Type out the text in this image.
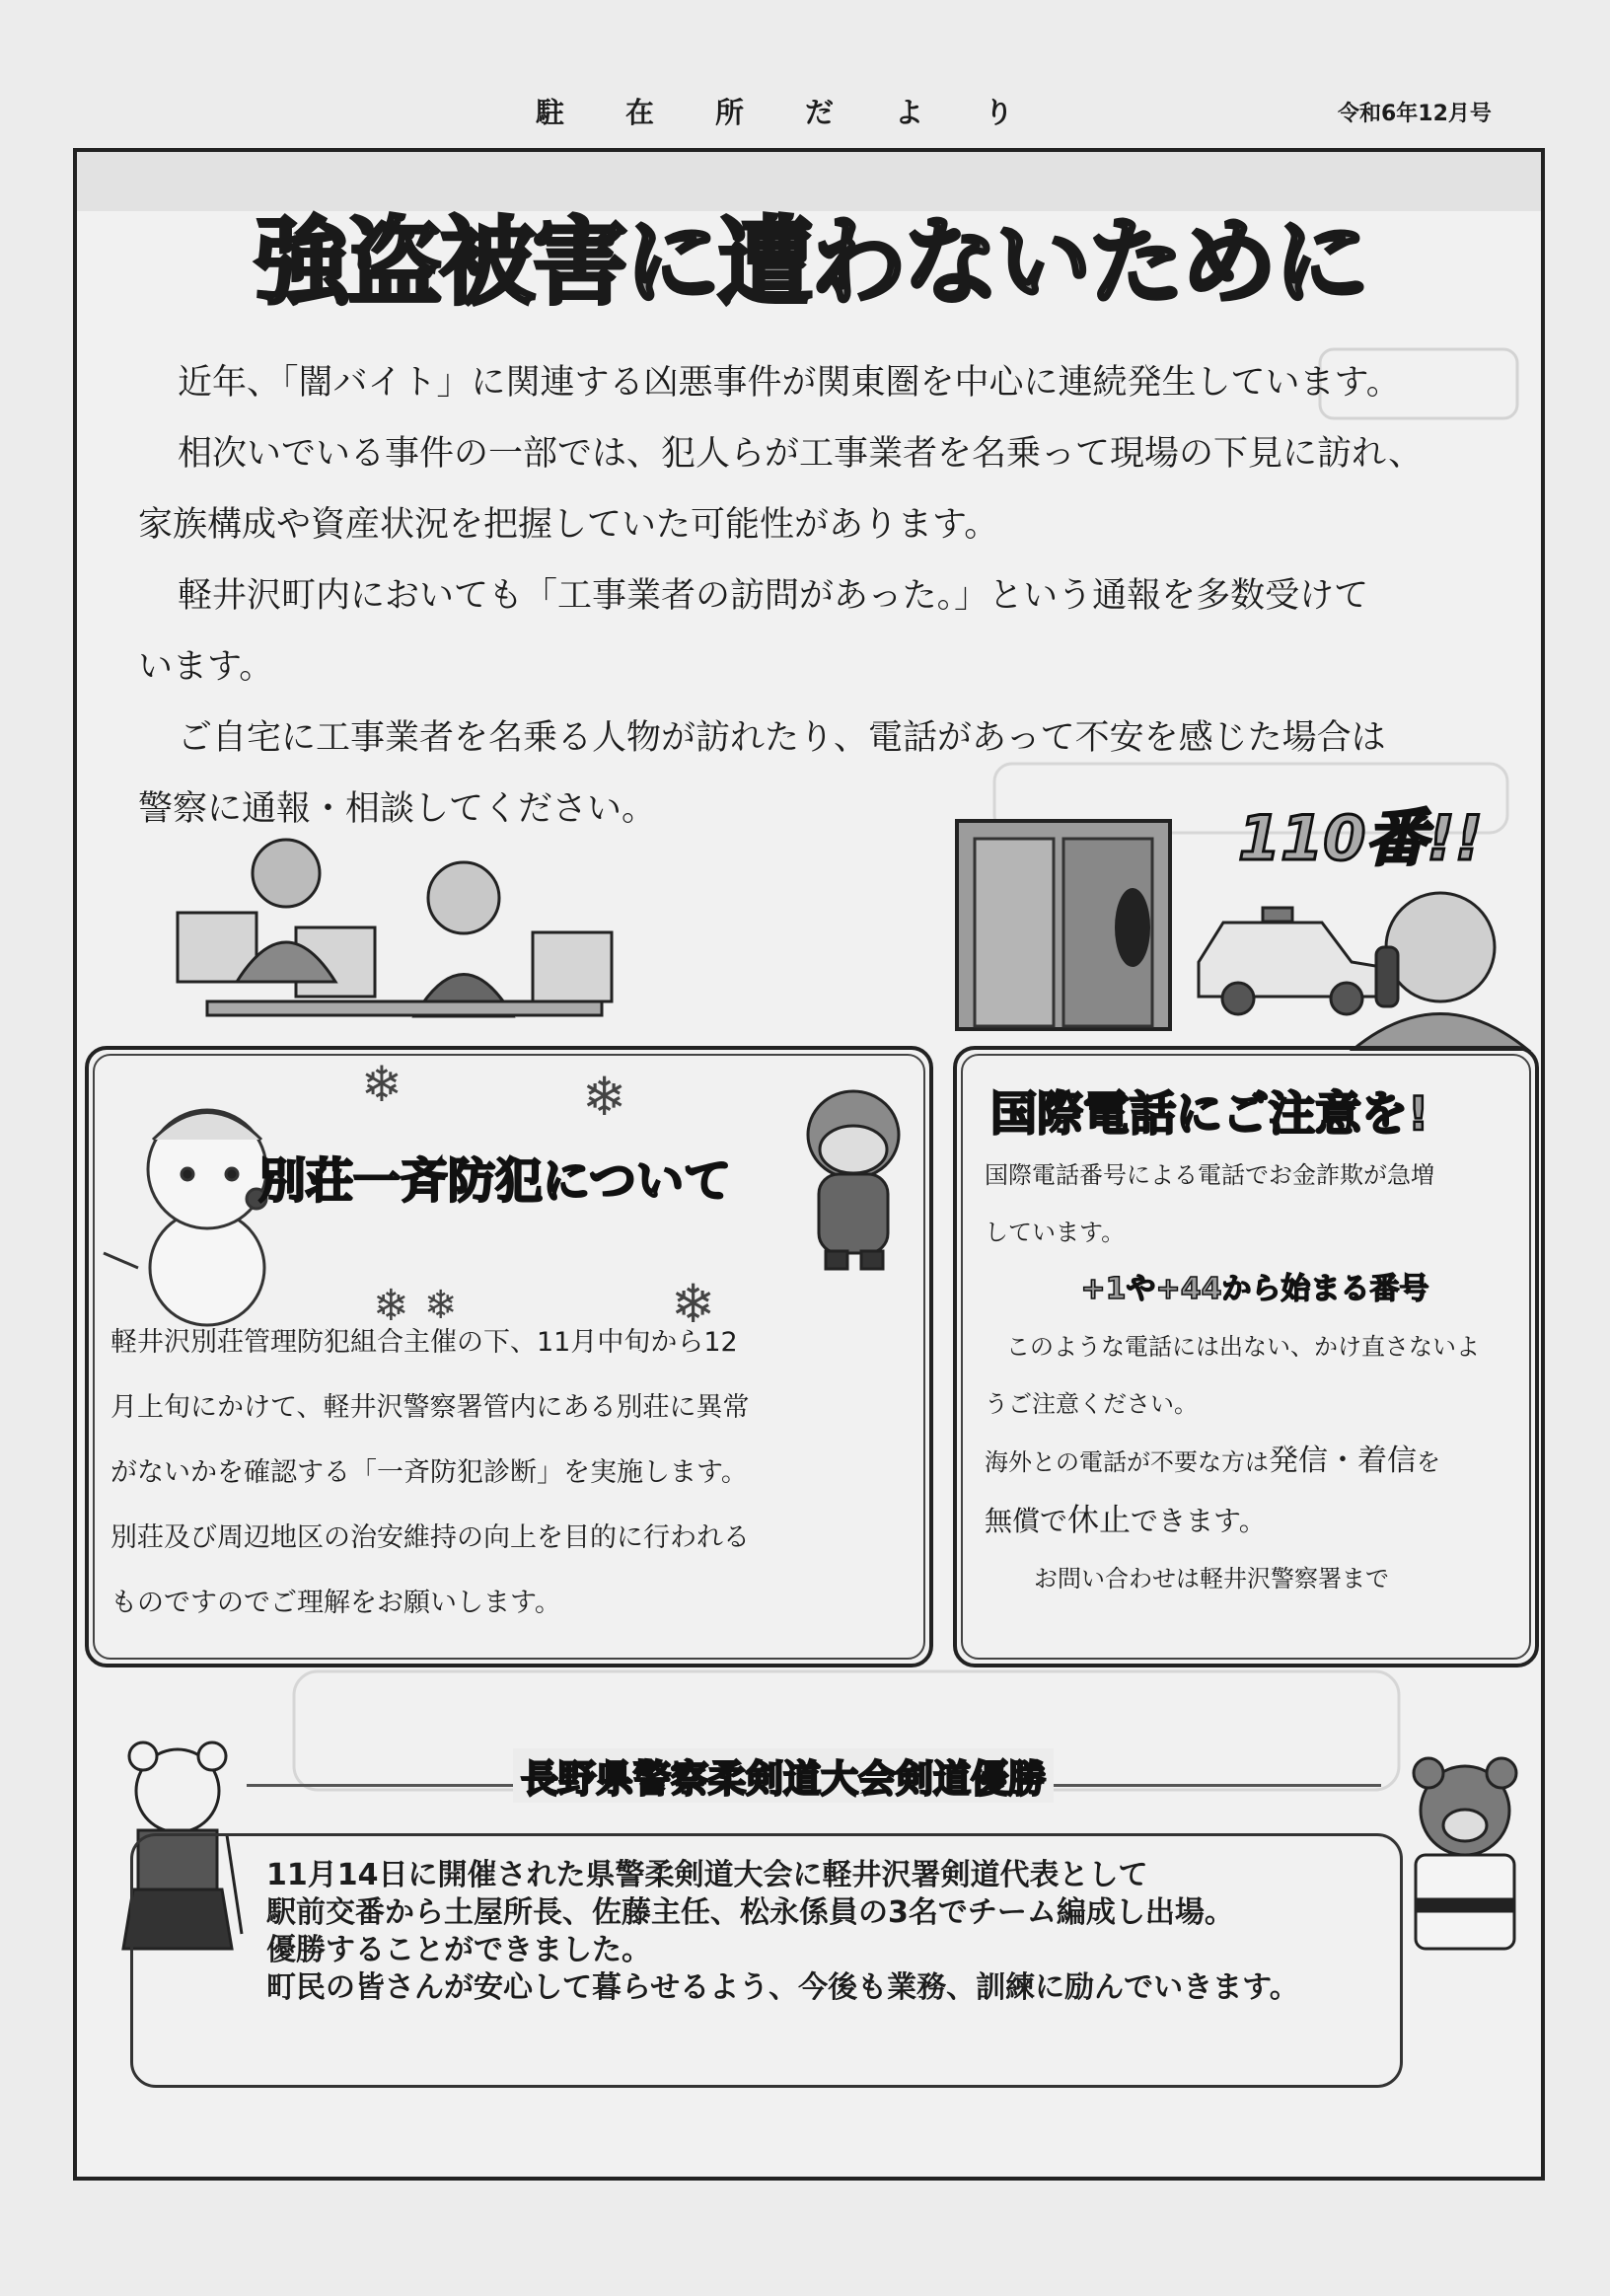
駐在所だより	令和6年12月号
強盗被害に遭わないために

近年、「闇バイト」に関連する凶悪事件が関東圏を中心に連続発生しています。

相次いでいる事件の一部では、犯人らが工事業者を名乗って現場の下見に訪れ、

家族構成や資産状況を把握していた可能性があります。

軽井沢町内においても「工事業者の訪問があった。」という通報を多数受けて

います。

ご自宅に工事業者を名乗る人物が訪れたり、電話があって不安を感じた場合は

警察に通報・相談してください。	110番!!
❄	❄
❄ ❄	❄
別荘一斉防犯について
軽井沢別荘管理防犯組合主催の下、11月中旬から12
月上旬にかけて、軽井沢警察署管内にある別荘に異常
がないかを確認する「一斉防犯診断」を実施します。
別荘及び周辺地区の治安維持の向上を目的に行われる
ものですのでご理解をお願いします。
国際電話にご注意を!
国際電話番号による電話でお金詐欺が急増
しています。
+1や+44から始まる番号
このような電話には出ない、かけ直さないよ
うご注意ください。
海外との電話が不要な方は発信・着信を
無償で休止できます。
お問い合わせは軽井沢警察署まで
長野県警察柔剣道大会剣道優勝
11月14日に開催された県警柔剣道大会に軽井沢署剣道代表として
駅前交番から土屋所長、佐藤主任、松永係員の3名でチーム編成し出場。
優勝することができました。
町民の皆さんが安心して暮らせるよう、今後も業務、訓練に励んでいきます。
